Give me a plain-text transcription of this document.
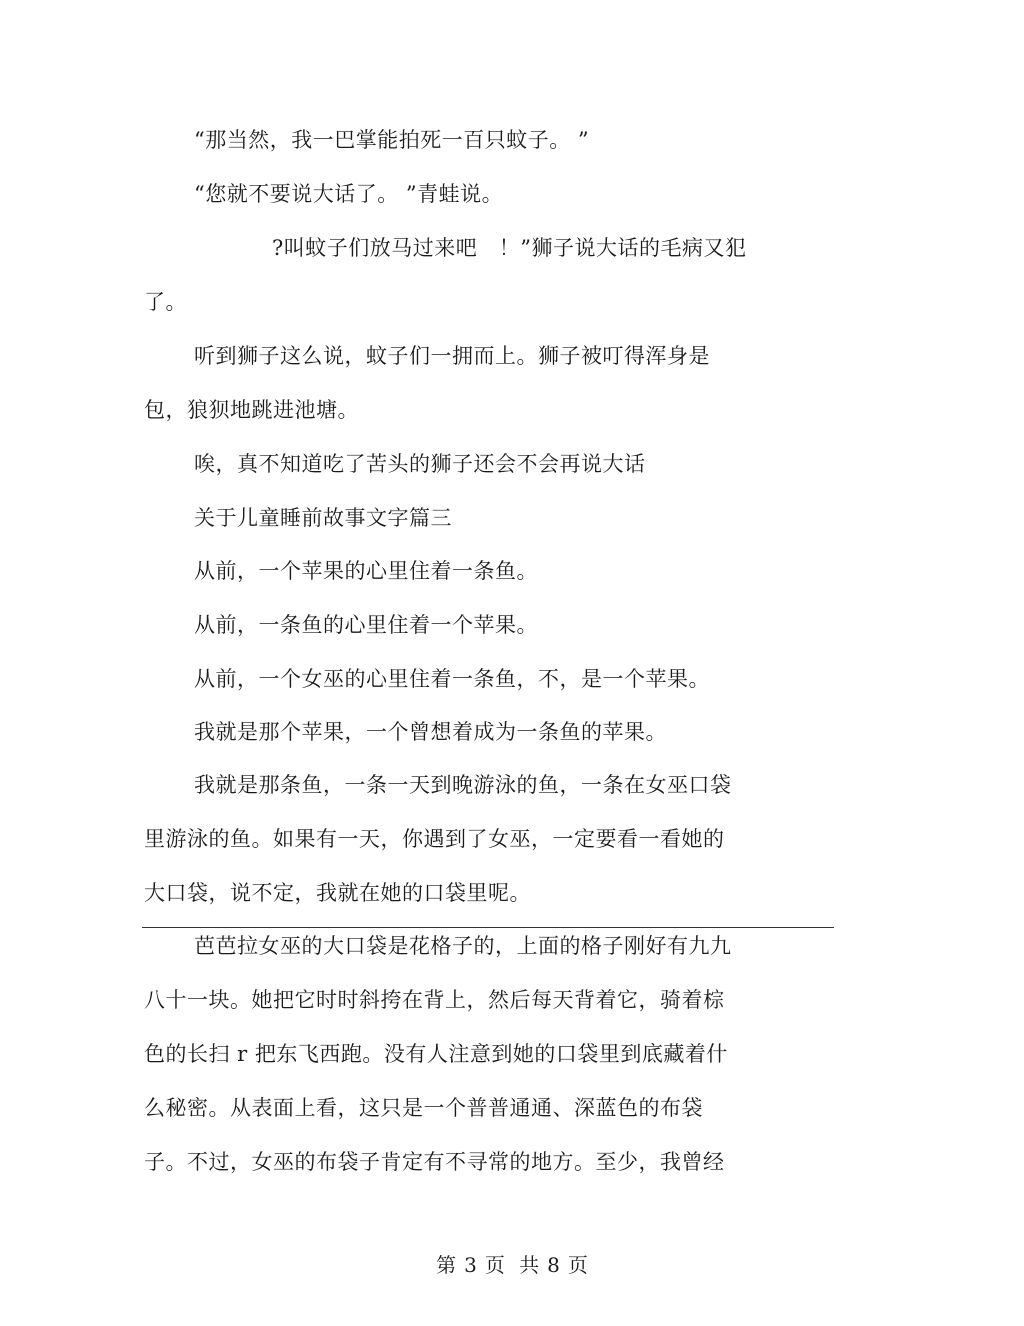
“那当然，我一巴掌能拍死一百只蚊子。 ”
“您就不要说大话了。 ”青蛙说。
?叫蚊子们放马过来吧　！”狮子说大话的毛病又犯
了。
听到狮子这么说，蚊子们一拥而上。狮子被叮得浑身是
包，狼狈地跳进池塘。
唉，真不知道吃了苦头的狮子还会不会再说大话
关于儿童睡前故事文字篇三
从前，一个苹果的心里住着一条鱼。
从前，一条鱼的心里住着一个苹果。
从前，一个女巫的心里住着一条鱼，不，是一个苹果。
我就是那个苹果，一个曾想着成为一条鱼的苹果。
我就是那条鱼，一条一天到晚游泳的鱼，一条在女巫口袋
里游泳的鱼。如果有一天，你遇到了女巫，一定要看一看她的
大口袋，说不定，我就在她的口袋里呢。
芭芭拉女巫的大口袋是花格子的，上面的格子刚好有九九
八十一块。她把它时时斜挎在背上，然后每天背着它，骑着棕
色的长扫 r 把东飞西跑。没有人注意到她的口袋里到底藏着什
么秘密。从表面上看，这只是一个普普通通、深蓝色的布袋
子。不过，女巫的布袋子肯定有不寻常的地方。至少，我曾经
第 3 页 共 8 页
